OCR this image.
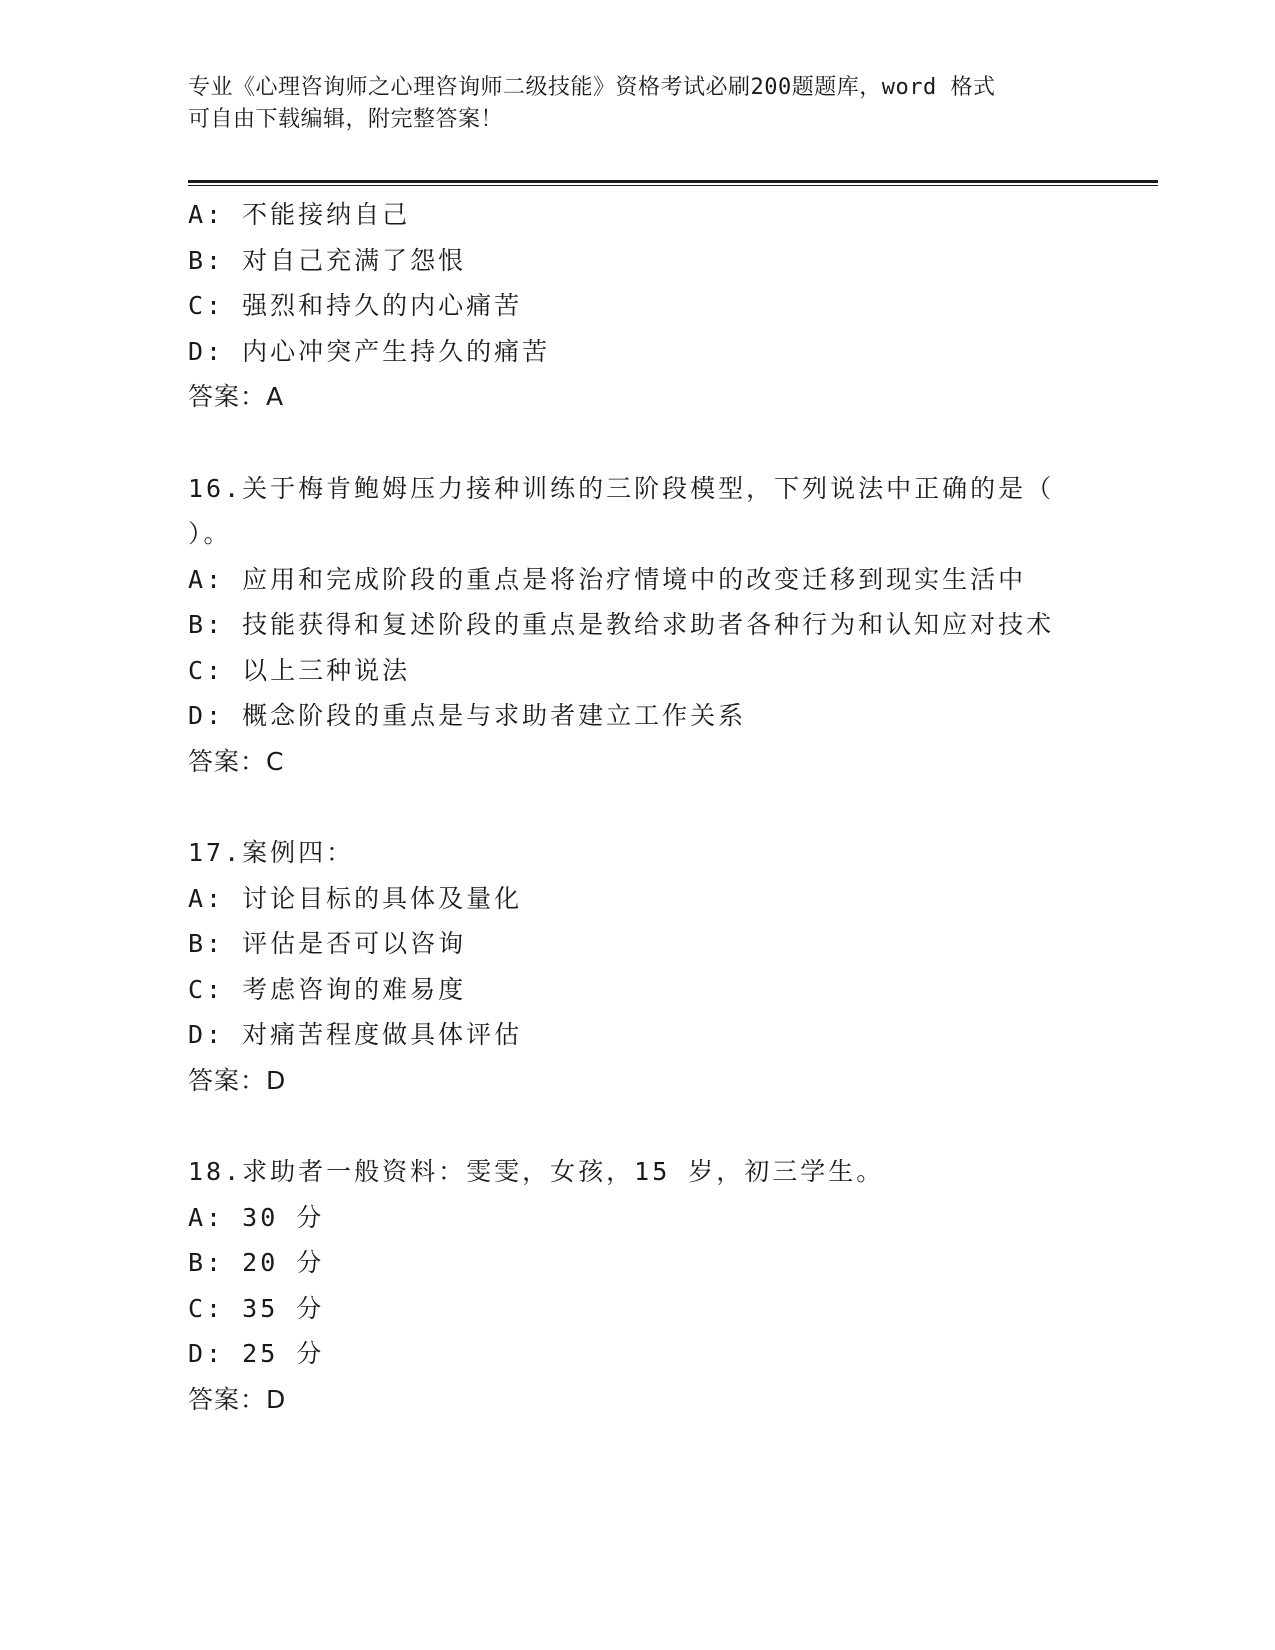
专业《心理咨询师之心理咨询师二级技能》资格考试必刷200题题库，word 格式
可自由下载编辑，附完整答案！
A: 不能接纳自己
B: 对自己充满了怨恨
C: 强烈和持久的内心痛苦
D: 内心冲突产生持久的痛苦
答案：A
16.关于梅肯鲍姆压力接种训练的三阶段模型，下列说法中正确的是（
）。
A: 应用和完成阶段的重点是将治疗情境中的改变迁移到现实生活中
B: 技能获得和复述阶段的重点是教给求助者各种行为和认知应对技术
C: 以上三种说法
D: 概念阶段的重点是与求助者建立工作关系
答案：C
17.案例四：
A: 讨论目标的具体及量化
B: 评估是否可以咨询
C: 考虑咨询的难易度
D: 对痛苦程度做具体评估
答案：D
18.求助者一般资料：雯雯，女孩，15 岁，初三学生。
A: 30 分
B: 20 分
C: 35 分
D: 25 分
答案：D
